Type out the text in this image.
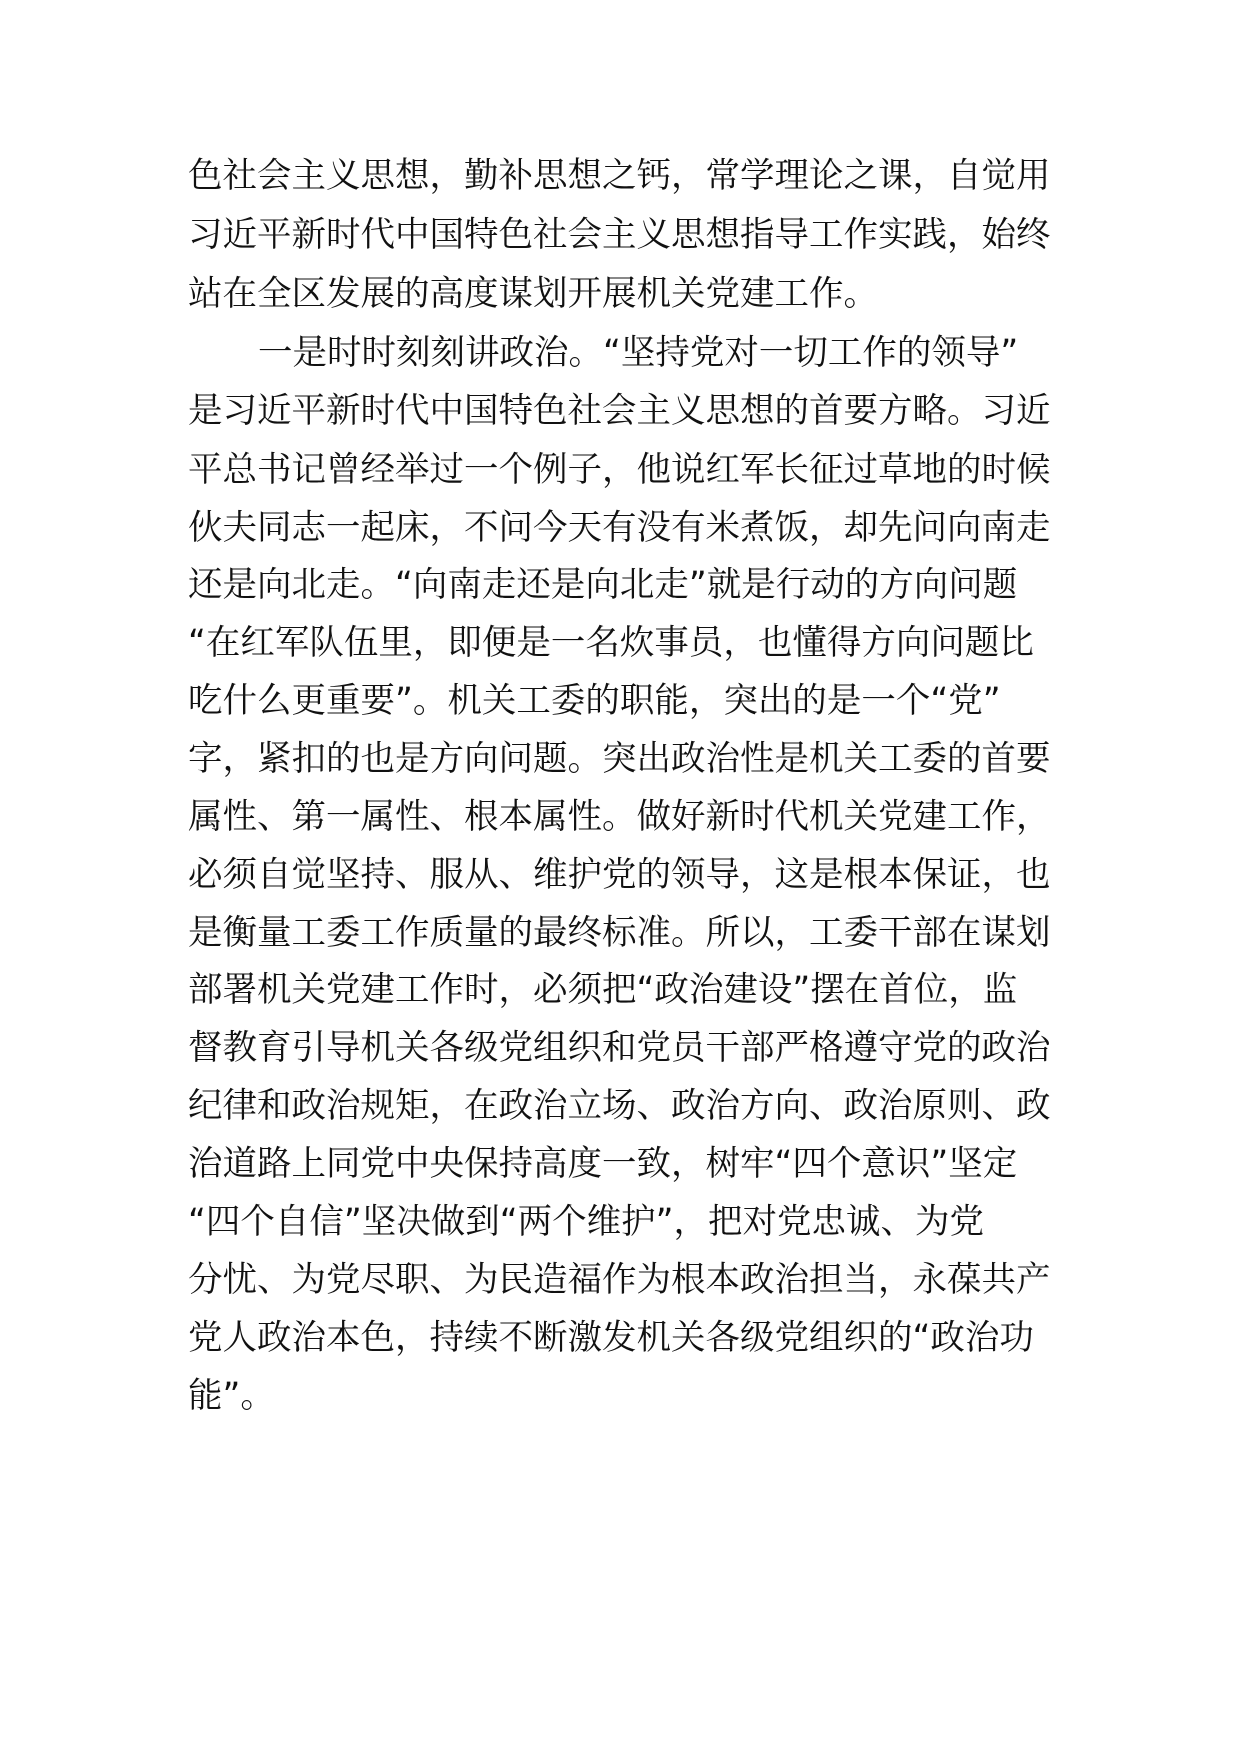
色社会主义思想，勤补思想之钙，常学理论之课，自觉用
习近平新时代中国特色社会主义思想指导工作实践，始终
站在全区发展的高度谋划开展机关党建工作。
一是时时刻刻讲政治。“坚持党对一切工作的领导”
是习近平新时代中国特色社会主义思想的首要方略。习近
平总书记曾经举过一个例子，他说红军长征过草地的时候
伙夫同志一起床，不问今天有没有米煮饭，却先问向南走
还是向北走。“向南走还是向北走”就是行动的方向问题
“在红军队伍里，即便是一名炊事员，也懂得方向问题比
吃什么更重要”。机关工委的职能，突出的是一个“党”
字，紧扣的也是方向问题。突出政治性是机关工委的首要
属性、第一属性、根本属性。做好新时代机关党建工作，
必须自觉坚持、服从、维护党的领导，这是根本保证，也
是衡量工委工作质量的最终标准。所以，工委干部在谋划
部署机关党建工作时，必须把“政治建设”摆在首位，监
督教育引导机关各级党组织和党员干部严格遵守党的政治
纪律和政治规矩，在政治立场、政治方向、政治原则、政
治道路上同党中央保持高度一致，树牢“四个意识”坚定
“四个自信”坚决做到“两个维护”，把对党忠诚、为党
分忧、为党尽职、为民造福作为根本政治担当，永葆共产
党人政治本色，持续不断激发机关各级党组织的“政治功
能”。
